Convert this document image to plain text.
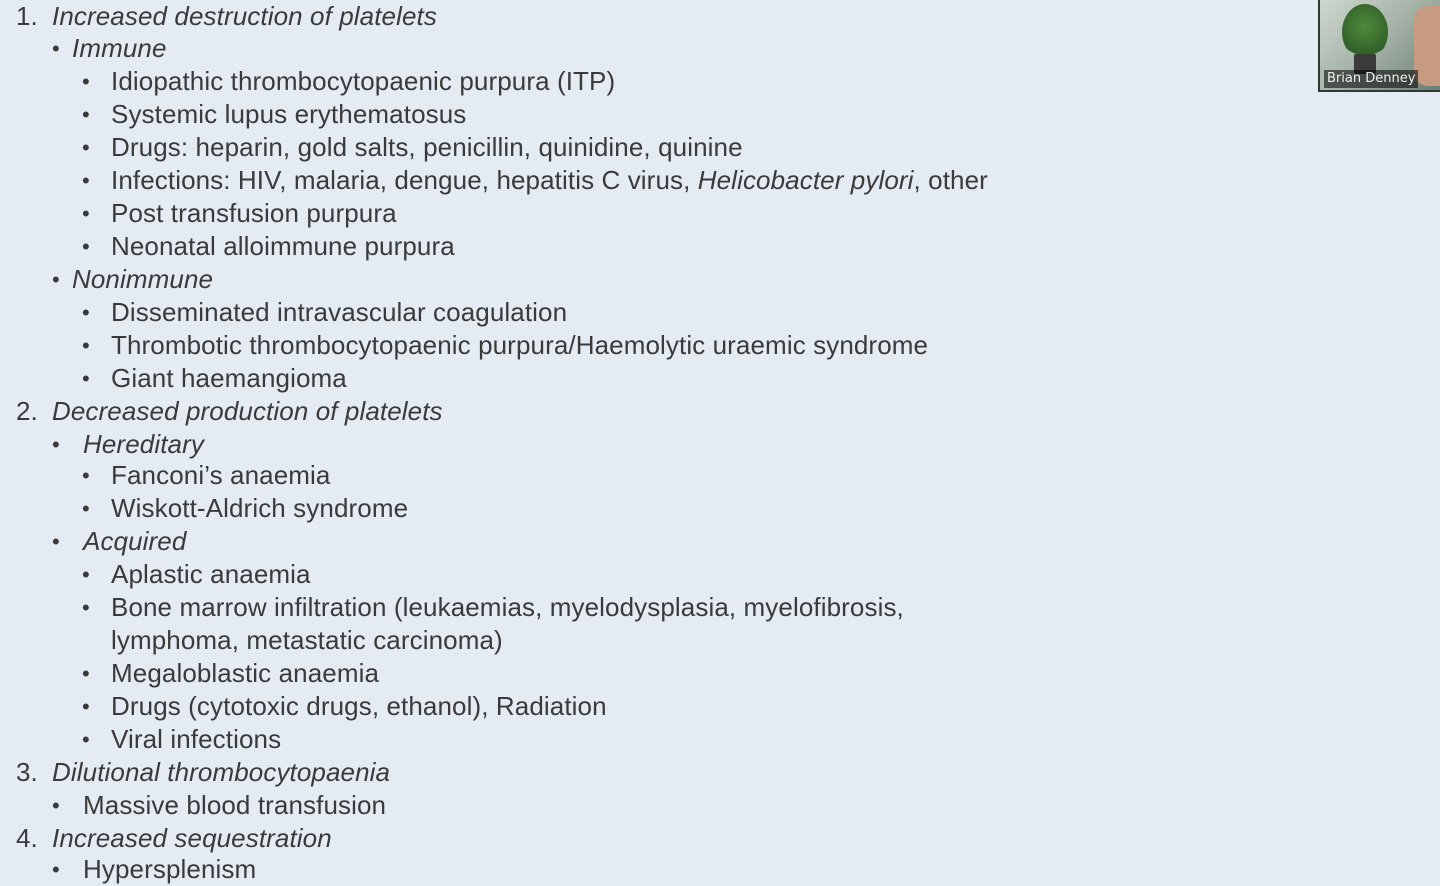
1. Increased destruction of platelets
• Immune
• Idiopathic thrombocytopaenic purpura (ITP)
• Systemic lupus erythematosus
• Drugs: heparin, gold salts, penicillin, quinidine, quinine
• Infections: HIV, malaria, dengue, hepatitis C virus, Helicobacter pylori, other
• Post transfusion purpura
• Neonatal alloimmune purpura
• Nonimmune
• Disseminated intravascular coagulation
• Thrombotic thrombocytopaenic purpura/Haemolytic uraemic syndrome
• Giant haemangioma
2. Decreased production of platelets
• Hereditary
• Fanconi’s anaemia
• Wiskott-Aldrich syndrome
• Acquired
• Aplastic anaemia
• Bone marrow infiltration (leukaemias, myelodysplasia, myelofibrosis,
lymphoma, metastatic carcinoma)
• Megaloblastic anaemia
• Drugs (cytotoxic drugs, ethanol), Radiation
• Viral infections
3. Dilutional thrombocytopaenia
• Massive blood transfusion
4. Increased sequestration
• Hypersplenism
Brian Denney
